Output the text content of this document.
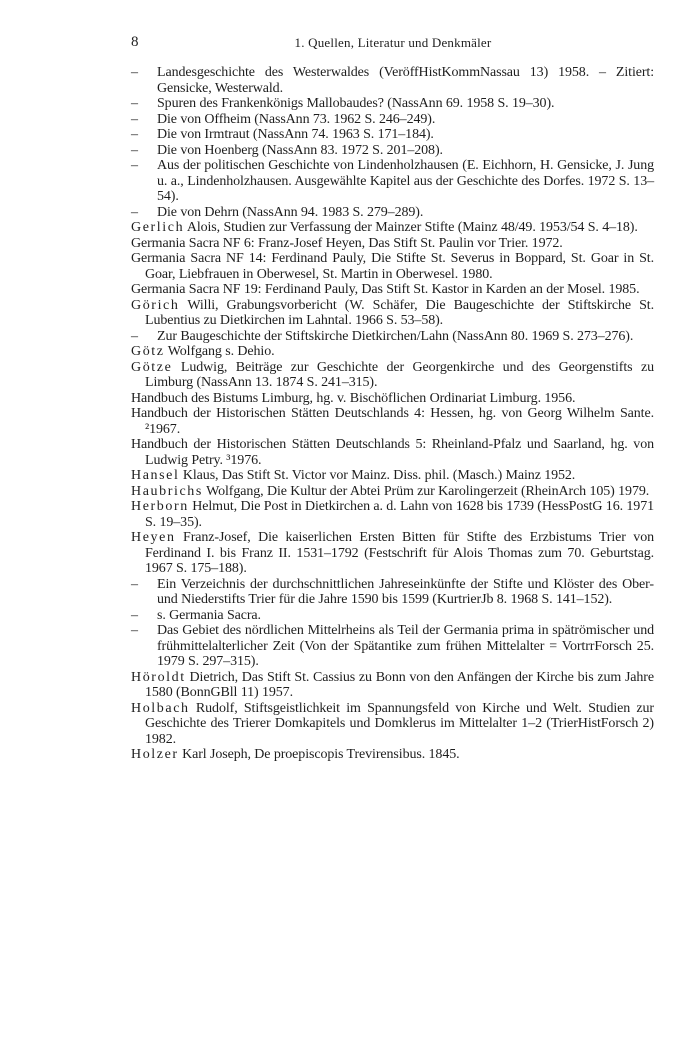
8	1. Quellen, Literatur und Denkmäler

– Landesgeschichte des Westerwaldes (VeröffHistKommNassau 13) 1958. – Zitiert: Gensicke, Westerwald.

– Spuren des Frankenkönigs Mallobaudes? (NassAnn 69. 1958 S. 19–30).

– Die von Offheim (NassAnn 73. 1962 S. 246–249).

– Die von Irmtraut (NassAnn 74. 1963 S. 171–184).

– Die von Hoenberg (NassAnn 83. 1972 S. 201–208).

– Aus der politischen Geschichte von Lindenholzhausen (E. Eichhorn, H. Gensicke, J. Jung u. a., Lindenholzhausen. Ausgewählte Kapitel aus der Geschichte des Dorfes. 1972 S. 13–54).

– Die von Dehrn (NassAnn 94. 1983 S. 279–289).

Gerlich Alois, Studien zur Verfassung der Mainzer Stifte (Mainz 48/49. 1953/54 S. 4–18).

Germania Sacra NF 6: Franz-Josef Heyen, Das Stift St. Paulin vor Trier. 1972.

Germania Sacra NF 14: Ferdinand Pauly, Die Stifte St. Severus in Boppard, St. Goar in St. Goar, Liebfrauen in Oberwesel, St. Martin in Oberwesel. 1980.

Germania Sacra NF 19: Ferdinand Pauly, Das Stift St. Kastor in Karden an der Mosel. 1985.

Görich Willi, Grabungsvorbericht (W. Schäfer, Die Baugeschichte der Stiftskirche St. Lubentius zu Dietkirchen im Lahntal. 1966 S. 53–58).

– Zur Baugeschichte der Stiftskirche Dietkirchen/Lahn (NassAnn 80. 1969 S. 273–276).

Götz Wolfgang s. Dehio.

Götze Ludwig, Beiträge zur Geschichte der Georgenkirche und des Georgenstifts zu Limburg (NassAnn 13. 1874 S. 241–315).

Handbuch des Bistums Limburg, hg. v. Bischöflichen Ordinariat Limburg. 1956.

Handbuch der Historischen Stätten Deutschlands 4: Hessen, hg. von Georg Wilhelm Sante. ²1967.

Handbuch der Historischen Stätten Deutschlands 5: Rheinland-Pfalz und Saarland, hg. von Ludwig Petry. ³1976.

Hansel Klaus, Das Stift St. Victor vor Mainz. Diss. phil. (Masch.) Mainz 1952.

Haubrichs Wolfgang, Die Kultur der Abtei Prüm zur Karolingerzeit (RheinArch 105) 1979.

Herborn Helmut, Die Post in Dietkirchen a. d. Lahn von 1628 bis 1739 (HessPostG 16. 1971 S. 19–35).

Heyen Franz-Josef, Die kaiserlichen Ersten Bitten für Stifte des Erzbistums Trier von Ferdinand I. bis Franz II. 1531–1792 (Festschrift für Alois Thomas zum 70. Geburtstag. 1967 S. 175–188).

– Ein Verzeichnis der durchschnittlichen Jahreseinkünfte der Stifte und Klöster des Ober- und Niederstifts Trier für die Jahre 1590 bis 1599 (KurtrierJb 8. 1968 S. 141–152).

– s. Germania Sacra.

– Das Gebiet des nördlichen Mittelrheins als Teil der Germania prima in spätrömischer und frühmittelalterlicher Zeit (Von der Spätantike zum frühen Mittelalter = VortrrForsch 25. 1979 S. 297–315).

Höroldt Dietrich, Das Stift St. Cassius zu Bonn von den Anfängen der Kirche bis zum Jahre 1580 (BonnGBll 11) 1957.

Holbach Rudolf, Stiftsgeistlichkeit im Spannungsfeld von Kirche und Welt. Studien zur Geschichte des Trierer Domkapitels und Domklerus im Mittelalter 1–2 (TrierHistForsch 2) 1982.

Holzer Karl Joseph, De proepiscopis Trevirensibus. 1845.
